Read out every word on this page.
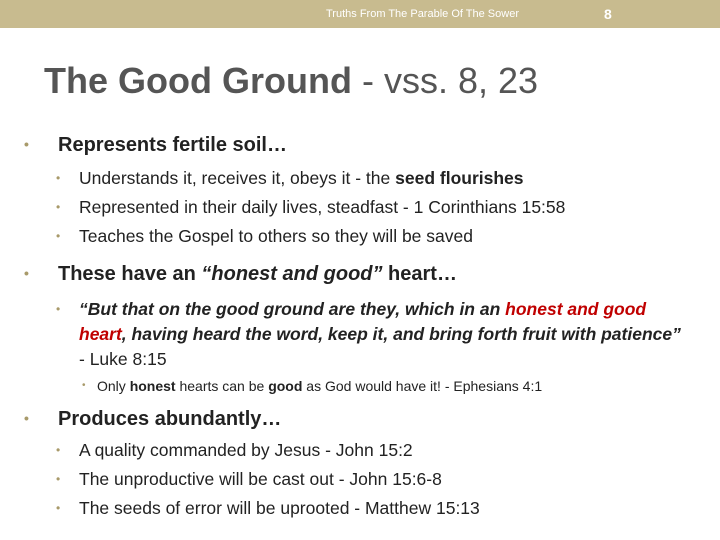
Truths From The Parable Of The Sower	8
The Good Ground - vss. 8, 23
• Represents fertile soil…
• Understands it, receives it, obeys it - the seed flourishes
• Represented in their daily lives, steadfast - 1 Corinthians 15:58
• Teaches the Gospel to others so they will be saved
• These have an “honest and good” heart…
• “But that on the good ground are they, which in an honest and good heart, having heard the word, keep it, and bring forth fruit with patience” - Luke 8:15
• Only honest hearts can be good as God would have it! - Ephesians 4:1
• Produces abundantly…
• A quality commanded by Jesus - John 15:2
• The unproductive will be cast out - John 15:6-8
• The seeds of error will be uprooted - Matthew 15:13
